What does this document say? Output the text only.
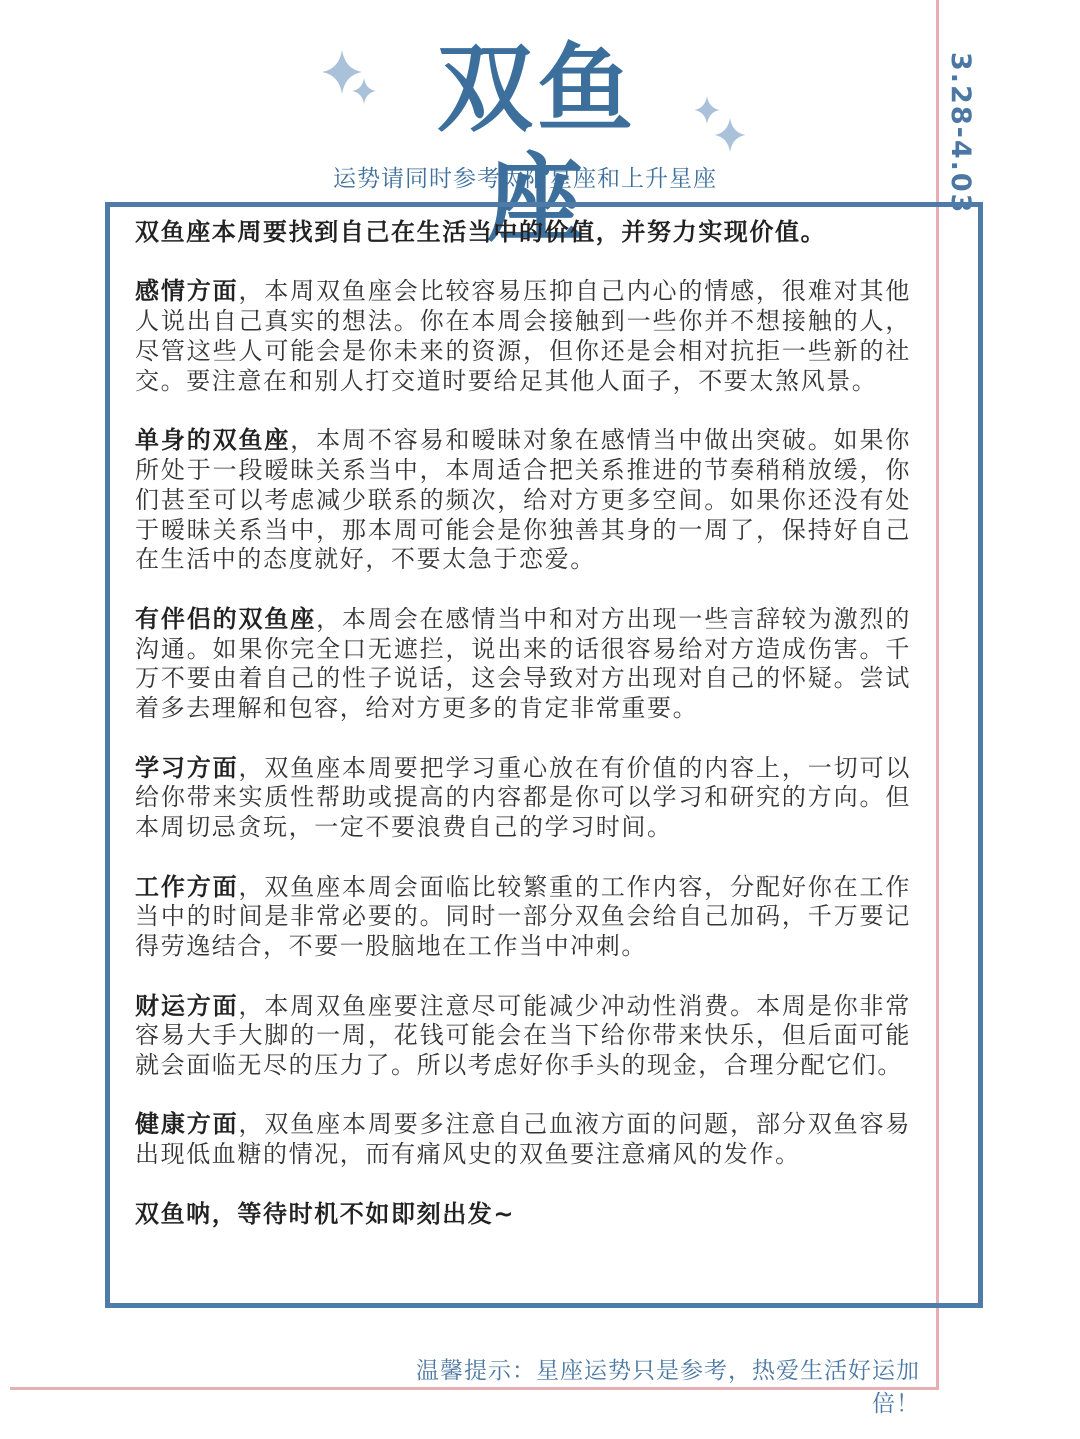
3.28-4.03
双鱼座
运势请同时参考太阳星座和上升星座

双鱼座本周要找到自己在生活当中的价值，并努力实现价值。

感情方面，本周双鱼座会比较容易压抑自己内心的情感，很难对其他人说出自己真实的想法。你在本周会接触到一些你并不想接触的人，尽管这些人可能会是你未来的资源，但你还是会相对抗拒一些新的社交。要注意在和别人打交道时要给足其他人面子，不要太煞风景。

单身的双鱼座，本周不容易和暧昧对象在感情当中做出突破。如果你所处于一段暧昧关系当中，本周适合把关系推进的节奏稍稍放缓，你们甚至可以考虑减少联系的频次，给对方更多空间。如果你还没有处于暧昧关系当中，那本周可能会是你独善其身的一周了，保持好自己在生活中的态度就好，不要太急于恋爱。

有伴侣的双鱼座，本周会在感情当中和对方出现一些言辞较为激烈的沟通。如果你完全口无遮拦，说出来的话很容易给对方造成伤害。千万不要由着自己的性子说话，这会导致对方出现对自己的怀疑。尝试着多去理解和包容，给对方更多的肯定非常重要。

学习方面，双鱼座本周要把学习重心放在有价值的内容上，一切可以给你带来实质性帮助或提高的内容都是你可以学习和研究的方向。但本周切忌贪玩，一定不要浪费自己的学习时间。

工作方面，双鱼座本周会面临比较繁重的工作内容，分配好你在工作当中的时间是非常必要的。同时一部分双鱼会给自己加码，千万要记得劳逸结合，不要一股脑地在工作当中冲刺。

财运方面，本周双鱼座要注意尽可能减少冲动性消费。本周是你非常容易大手大脚的一周，花钱可能会在当下给你带来快乐，但后面可能就会面临无尽的压力了。所以考虑好你手头的现金，合理分配它们。

健康方面，双鱼座本周要多注意自己血液方面的问题，部分双鱼容易出现低血糖的情况，而有痛风史的双鱼要注意痛风的发作。

双鱼呐，等待时机不如即刻出发~

温馨提示：星座运势只是参考，热爱生活好运加倍！
